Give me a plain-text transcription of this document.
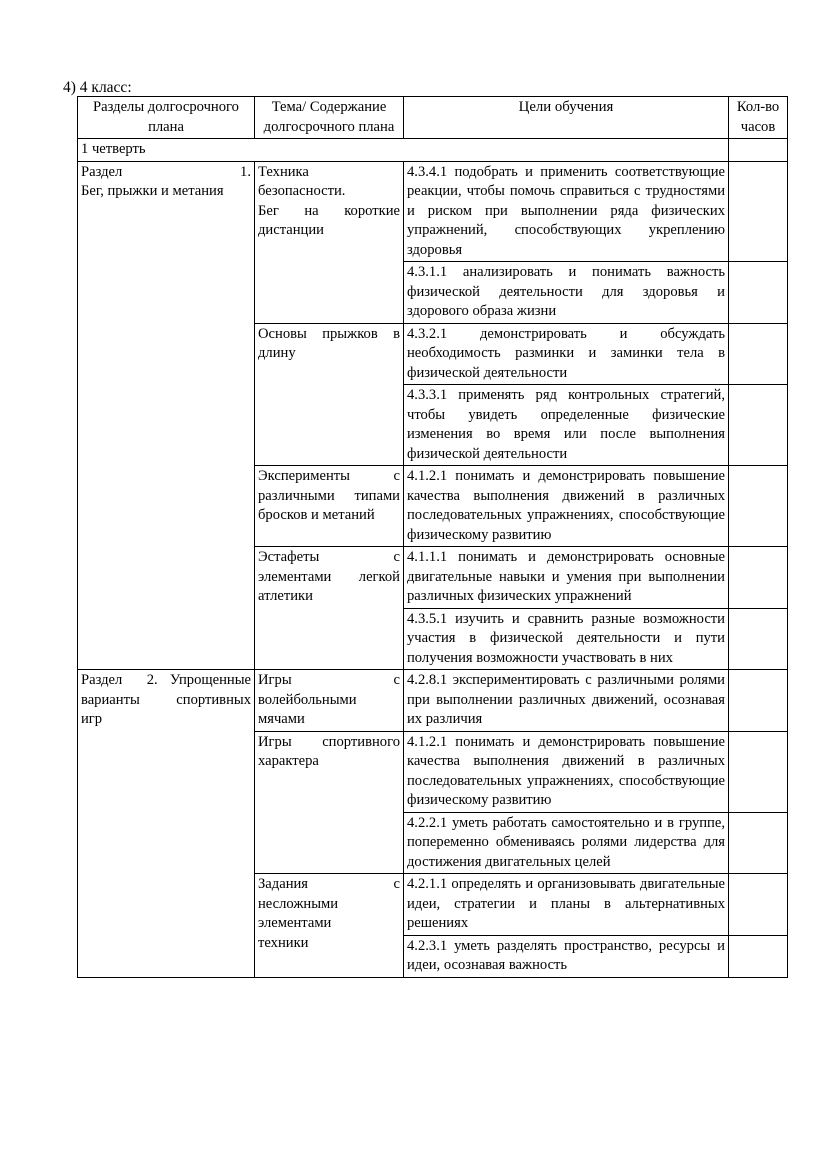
4) 4 класс:
Разделы долгосрочного плана	Тема/ Содержание долгосрочного плана	Цели обучения	Кол-во часов
1 четверть			

Раздел   1.
Бег, прыжки и метания	Техника
безопасности.
Бег на короткие
дистанции	4.3.4.1 подобрать и применить соответствующие реакции, чтобы помочь справиться с трудностями и риском при выполнении ряда физических упражнений, способствующих укреплению здоровья	
		4.3.1.1 анализировать и понимать важность физической деятельности для здоровья и здорового образа жизни	

	Основы прыжков в
длину	4.3.2.1 демонстрировать и обсуждать необходимость разминки и заминки тела в физической деятельности	
		4.3.3.1 применять ряд контрольных стратегий, чтобы увидеть определенные физические изменения во время или после выполнения физической деятельности	

	Эксперименты с
различными типами
бросков и метаний	4.1.2.1 понимать и демонстрировать повышение качества выполнения движений в различных последовательных упражнениях, способствующие физическому развитию	

	Эстафеты с
элементами легкой
атлетики	4.1.1.1 понимать и демонстрировать основные двигательные навыки и умения при выполнении различных физических упражнений	
		4.3.5.1 изучить и сравнить разные возможности участия в физической деятельности и пути получения возможности участвовать в них	

Раздел  2. Упрощенные
варианты спортивных
игр	Игры с
волейбольными
мячами	4.2.8.1 экспериментировать с различными ролями при выполнении различных движений, осознавая их различия	

	Игры спортивного
характера	4.1.2.1 понимать и демонстрировать повышение качества выполнения движений в различных последовательных упражнениях, способствующие физическому развитию	
		4.2.2.1 уметь работать самостоятельно и в группе, попеременно обмениваясь ролями лидерства для достижения двигательных целей	

	Задания с
несложными
элементами
техники	4.2.1.1 определять и организовывать двигательные идеи, стратегии и планы в альтернативных решениях	
		4.2.3.1 уметь разделять пространство, ресурсы и идеи, осознавая важность	
